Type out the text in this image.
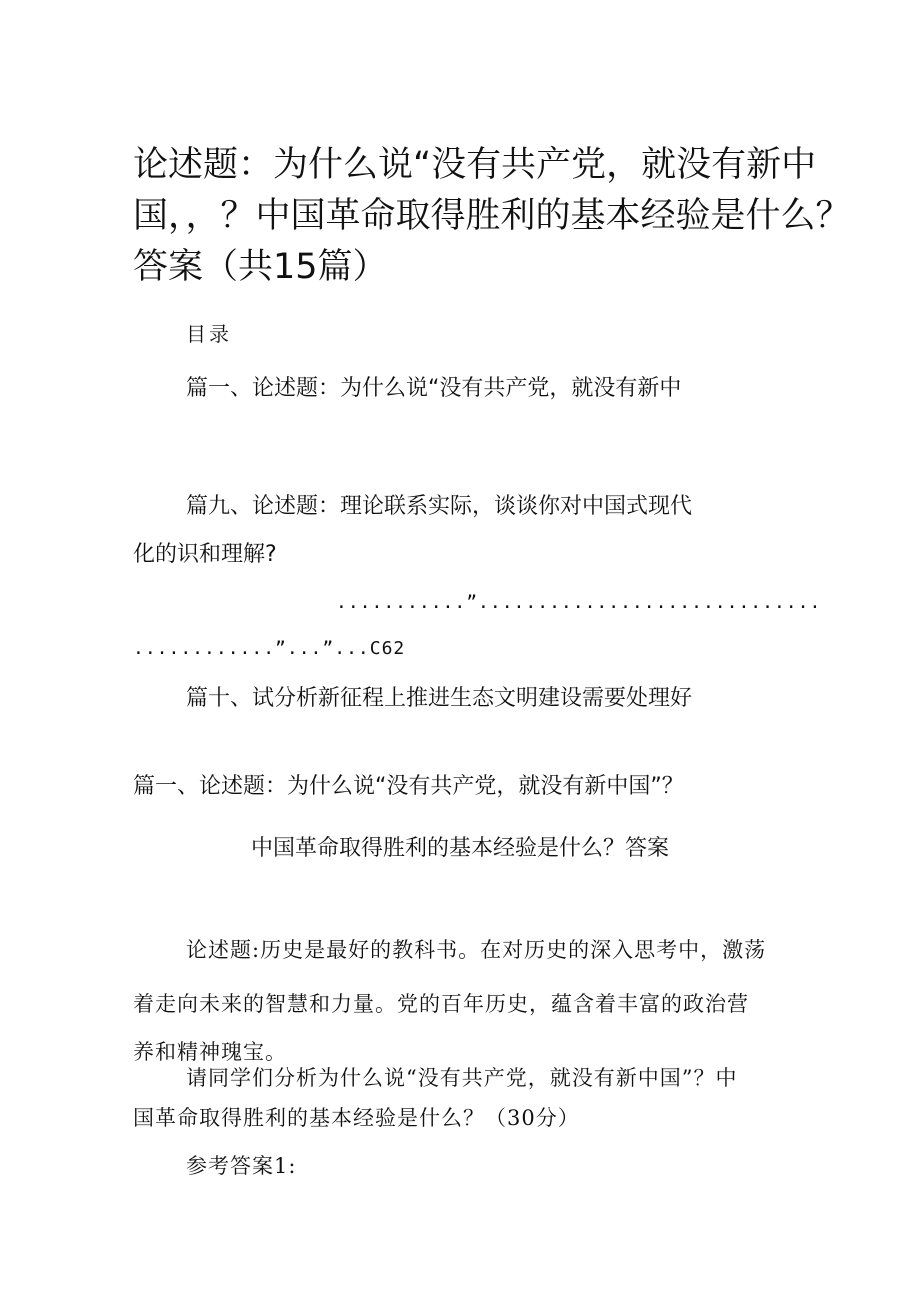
论述题：为什么说“没有共产党，就没有新中
国，，？中国革命取得胜利的基本经验是什么？
答案（共15篇）
目录
篇一、论述题：为什么说“没有共产党，就没有新中
篇九、论述题：理论联系实际，谈谈你对中国式现代
化的识和理解?
...........”.............................
............”...”...C62
篇十、试分析新征程上推进生态文明建设需要处理好
篇一、论述题：为什么说“没有共产党，就没有新中国”？
中国革命取得胜利的基本经验是什么？答案
论述题:历史是最好的教科书。在对历史的深入思考中，激荡
着走向未来的智慧和力量。党的百年历史，蕴含着丰富的政治营
养和精神瑰宝。
请同学们分析为什么说“没有共产党，就没有新中国”？中
国革命取得胜利的基本经验是什么？（30分）
参考答案1:
